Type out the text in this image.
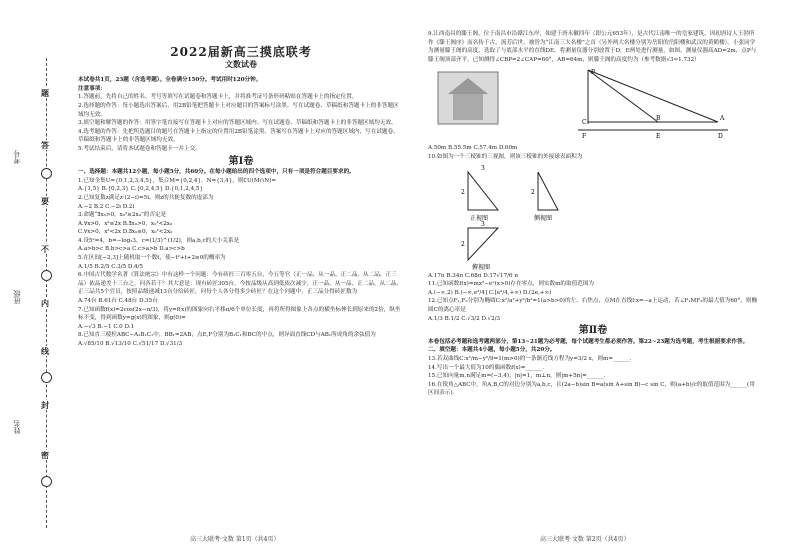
姓名
班级
考号
题
答
要
不
内
线
封
密
2022届新高三摸底联考
文数试卷
本试卷共1页，23题（含选考题）。全卷满分150分。考试用时120分钟。
注意事项：
1.答题前，先将自己的姓名、考号等填写在试题卷和答题卡上，并将准考证号条形码粘贴在答题卡上的指定位置。
2.选择题的作答：每小题选出答案后，用2B铅笔把答题卡上对应题目的答案标号涂黑。写在试题卷、草稿纸和答题卡上的非答题区域均无效。
3.填空题和解答题的作答：用签字笔直接写在答题卡上对应的答题区域内。写在试题卷、草稿纸和答题卡上的非答题区域均无效。
4.选考题的作答：先把所选题目的题号在答题卡上指定的位置用2B铅笔涂黑。答案写在答题卡上对应的答题区域内，写在试题卷、草稿纸和答题卡上的非答题区域均无效。
5.考试结束后，请将本试题卷和答题卡一并上交。
第Ⅰ卷
一、选择题：本题共12小题，每小题5分，共60分。在每小题给出的四个选项中，只有一项是符合题目要求的。
1.已知全集U={0,1,2,3,4,5}，集合M={0,2,4}，N={3,4}，则∁U(M∩N)=
A.{1,5} B.{0,2,3} C.{0,2,4,5} D.{0,1,2,4,5}
2.已知复数z满足z·(2−i)=5i，则z的共轭复数的虚部为
A.−2 B.2 C.−2i D.2i
3.命题“∃x₀>0，x₀²≥2x₀”的否定是
A.∀x>0，x²≤2x B.∃x₀>0，x₀²<2x₀
C.∀x>0，x²<2x D.∃x₀≤0，x₀²<2x₀
4.设5ᵃ=4，b=−log₂3，c=(1/3)^(1/2)，则a,b,c的大小关系是
A.a>b>c B.b>c>a C.c>a>b D.a>c>b
5.在区间[−2,3]上随机取一个数t，使−t²+t+2≥0的概率为
A.1/5 B.2/5 C.3/5 D.4/5
6.中国古代数学名著《算法统宗》中有这样一个问题：今有砖匠三百零五台，今五等官（正一品、从一品、正二品、从二品、正三品）依品递差十三台之，问各若干？其大意是：现有砖匠305台，今按品级从高到低依次减少，正一品、从一品、正二品、从二品、正三品共5个官员，按照品级递减13台分给砖匠，问每个人各分得多少砖匠？在这个问题中，正三品分得砖匠数为
A.74台 B.61台 C.48台 D.35台
7.已知函数f(x)=2cos(2x−π/3)，将y=f(x)的图象向右平移π/6个单位长度，再将所得图象上各点的横坐标伸长到原来的2倍，纵坐标不变，得到函数y=g(x)的图象，则g(0)=
A.−√3 B.−1 C.0 D.1
8.已知直三棱柱ABC−A₁B₁C₁中，BB₁=2AB，点E,F分别为B₁C₁和BC的中点，则异面直线CD与AB₁所成角的余弦值为
A.√85/10 B.√13/10 C.√51/17 D.√31/3
9.江西南昌的滕王阁，位于南昌市沿赣江东岸，始建于唐永徽四年（即公元653年），是古代江南唯一的皇家建筑，因初唐诗人王勃所作《滕王阁序》而名传千古，流芳后世，被誉为“江南三大名楼”之首（另外两大名楼分别为岳阳的岳阳楼和武汉的黄鹤楼）。小张同学为测量滕王阁的高度，选取了与底部水平的直线DE，将测量仪器分别放置于D，E两处进行测量，如图，测量仪器高AD=2m，点P与滕王阁顶部齐平，已知测得∠CBP=2∠CAP=60°，AB=64m，则滕王阁的高度约为（参考数据√3≈1.732）
P
C
B	A
D
E
F
A.50m B.55.5m C.57.4m D.60m
10.如图为一个三棱锥的三视图，则该三棱锥的外接球表面积为
3
2	2
2
3
正视图	侧视图
俯视图
A.17π B.34π C.68π D.17√17/6 π
11.已知函数f(x)=mx²−eˣ(x>0)存在零点，则实数m的取值范围为
A.(−∞,2) B.(−∞,e²/4] C.[e²/4,+∞) D.(2e,+∞)
12.已知点F₁,F₂分别为椭圆C:x²/a²+y²/b²=1(a>b>0)的左、右焦点，点M在直线l:x=−a上运动，若∠F₁MF₂的最大值为60°，则椭圆C的离心率是
A.1/3 B.1/2 C.√3/2 D.√2/3
第Ⅱ卷
本卷包括必考题和选考题两部分，第13~21题为必考题，每个试题考生都必须作答。第22~23题为选考题，考生根据要求作答。
二、填空题：本题共4小题，每小题5分，共20分。
13.若双曲线C:x²/m−y²/9=1(m>0)的一条渐近线方程为y=3/2 x，则m=______.
14.写出一个最大值为10的偶函数f(x)=______.
15.已知向量m,n满足m=(−3,4)，|n|=1，m⊥n，则|m+5n|=______.
16.在锐角△ABC中，角A,B,C的对边分别为a,b,c，且(2a−b)sin B=a(sin A+sin B)−c sin C，则(a+b)/c的取值范围为______(用区间表示).
高三大联考·文数 第1页（共4页）	高三大联考·文数 第2页（共4页）
